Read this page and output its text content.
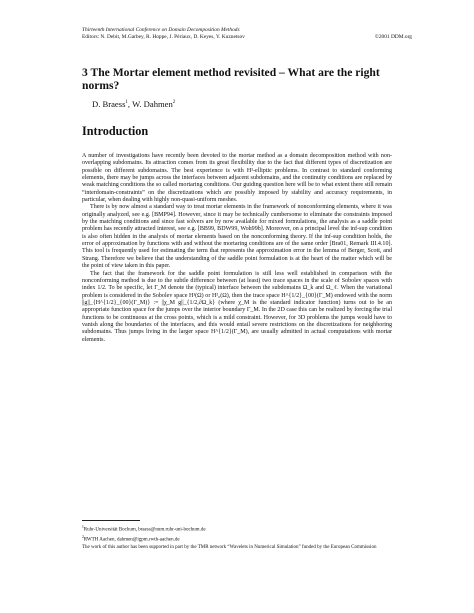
Thirteenth International Conference on Domain Decomposition Methods
Editors: N. Debit, M.Garbey, R. Hoppe, J. Périaux, D. Keyes, Y. Kuznetsov	©2001 DDM.org
3 The Mortar element method revisited – What are the right norms?
D. Braess$^1$, W. Dahmen$^2$
Introduction

A number of investigations have recently been devoted to the mortar method as a domain decomposition method with non-overlapping subdomains. Its attraction comes from its great flexibility due to the fact that different types of discretization are possible on different subdomains. The best experience is with H¹-elliptic problems. In contrast to standard conforming elements, there may be jumps across the interfaces between adjacent subdomains, and the continuity conditions are replaced by weak matching conditions the so called mortaring conditions. Our guiding question here will be to what extent there still remain “interdomain-constraints” on the discretizations which are possibly imposed by stability and accuracy requirements, in particular, when dealing with highly non-quasi-uniform meshes.

There is by now almost a standard way to treat mortar elements in the framework of nonconforming elements, where it was originally analyzed, see e.g. [BMP94]. However, since it may be technically cumbersome to eliminate the constraints imposed by the matching conditions and since fast solvers are by now available for mixed formulations, the analysis as a saddle point problem has recently attracted interest, see e.g. [BB99, BDW99, Woh99b]. Moreover, on a principal level the inf-sup condition is also often hidden in the analysis of mortar elements based on the nonconforming theory. If the inf-sup condition holds, the error of approximation by functions with and without the mortaring conditions are of the same order [Bra01, Remark III.4.10]. This tool is frequently used for estimating the term that represents the approximation error in the lemma of Berger, Scott, and Strang. Therefore we believe that the understanding of the saddle point formulation is at the heart of the matter which will be the point of view taken in this paper.

The fact that the framework for the saddle point formulation is still less well established in comparison with the nonconforming method is due to the subtle difference between (at least) two trace spaces in the scale of Sobolev spaces with index 1/2. To be specific, let Γ_M denote the (typical) interface between the subdomains Ω_k and Ω_ℓ. When the variational problem is considered in the Sobolev space H¹(Ω) or H¹₀(Ω), then the trace space H^{1/2}_{00}(Γ_M) endowed with the norm ||g||_{H^{1/2}_{00}(Γ_M)} := ||χ_M g||_{1/2,∂Ω_k} (where χ_M is the standard indicator function) turns out to be an appropriate function space for the jumps over the interior boundary Γ_M. In the 2D case this can be realized by forcing the trial functions to be continuous at the cross points, which is a mild constraint. However, for 3D problems the jumps would have to vanish along the boundaries of the interfaces, and this would entail severe restrictions on the discretizations for neighboring subdomains. Thus jumps living in the larger space H^{1/2}(Γ_M), are usually admitted in actual computations with mortar elements.

$^1$Ruhr-Universität Bochum, braess@num.ruhr-uni-bochum.de

$^2$RWTH Aachen, dahmen@igpm.rwth-aachen.de

The work of this author has been supported in part by the TMR network “Wavelets in Numerical Simulation” funded by the European Commission
